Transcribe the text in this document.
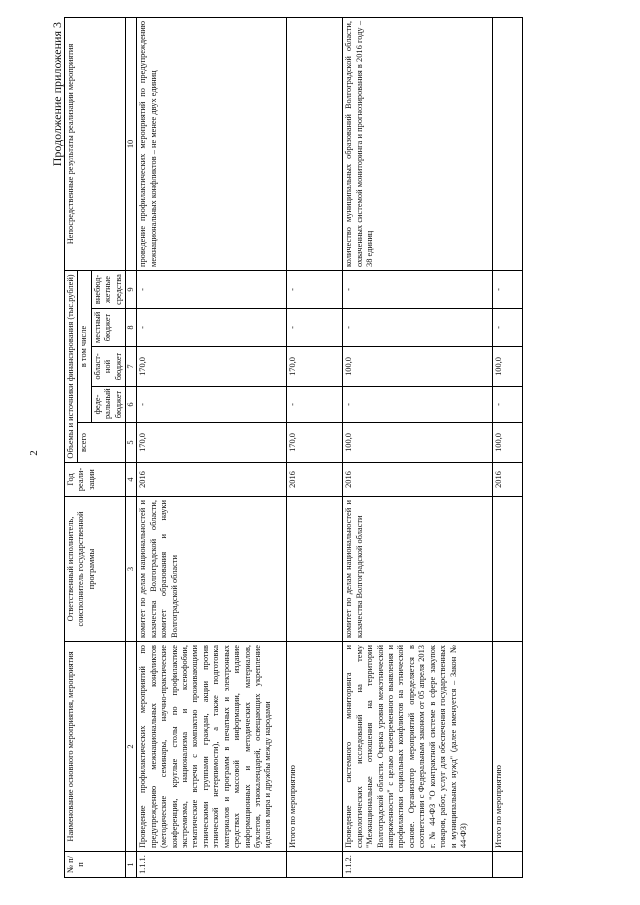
2
Продолжение приложения 3
№ п/п	Наименование основного мероприятия, мероприятия	Ответственный исполнитель, соисполнитель государственной программы	Год реали- зации	Объемы и источники финансирования (тыс.рублей)					Непосредственные результаты реализации мероприятия
				всего	в том числе				
					феде- ральный бюджет	област- ной бюджет	местный бюджет	внебюд- жетные средства	
1	2	3	4	5	6	7	8	9	10
1.1.1.	Проведение профилактических мероприятий по предупреждению межнациональных конфликтов (методические семинары, научно-практические конференции, круглые столы по профилактике экстремизма, национализма и ксенофобии, тематические встречи с компактно проживающими этническими группами граждан, акции против этнической нетерпимости), а также подготовка материалов и программ в печатных и электронных средствах массовой информации, издание информационных и методических материалов, буклетов, этнокалендарей, освещающих укрепление идеалов мира и дружбы между народами	комитет по делам национальностей и казачества Волгоградской области, комитет образования и науки Волгоградской области	2016	170,0	-	170,0	-	-	проведение профилактических мероприятий по предупреждению межнациональных конфликтов – не менее двух единиц
	Итого по мероприятию		2016	170,0	-	170,0	-	-	
1.1.2.	Проведение системного мониторинга и социологических исследований на тему "Межнациональные отношения на территории Волгоградской области. Оценка уровня межэтнической напряженности" с целью своевременного выявления и профилактики социальных конфликтов на этнической основе. Организатор мероприятий определяется в соответствии с Федеральным законом от 05 апреля 2013 г. № 44-ФЗ "О контрактной системе в сфере закупок товаров, работ, услуг для обеспечения государственных и муниципальных нужд" (далее именуется – Закон № 44-ФЗ)	комитет по делам национальностей и казачества Волгоградской области	2016	100,0	-	100,0	-	-	количество муниципальных образований Волгоградской области, охваченных системой мониторинга и прогнозирования в 2016 году – 38 единиц
	Итого по мероприятию		2016	100,0	-	100,0	-	-	
